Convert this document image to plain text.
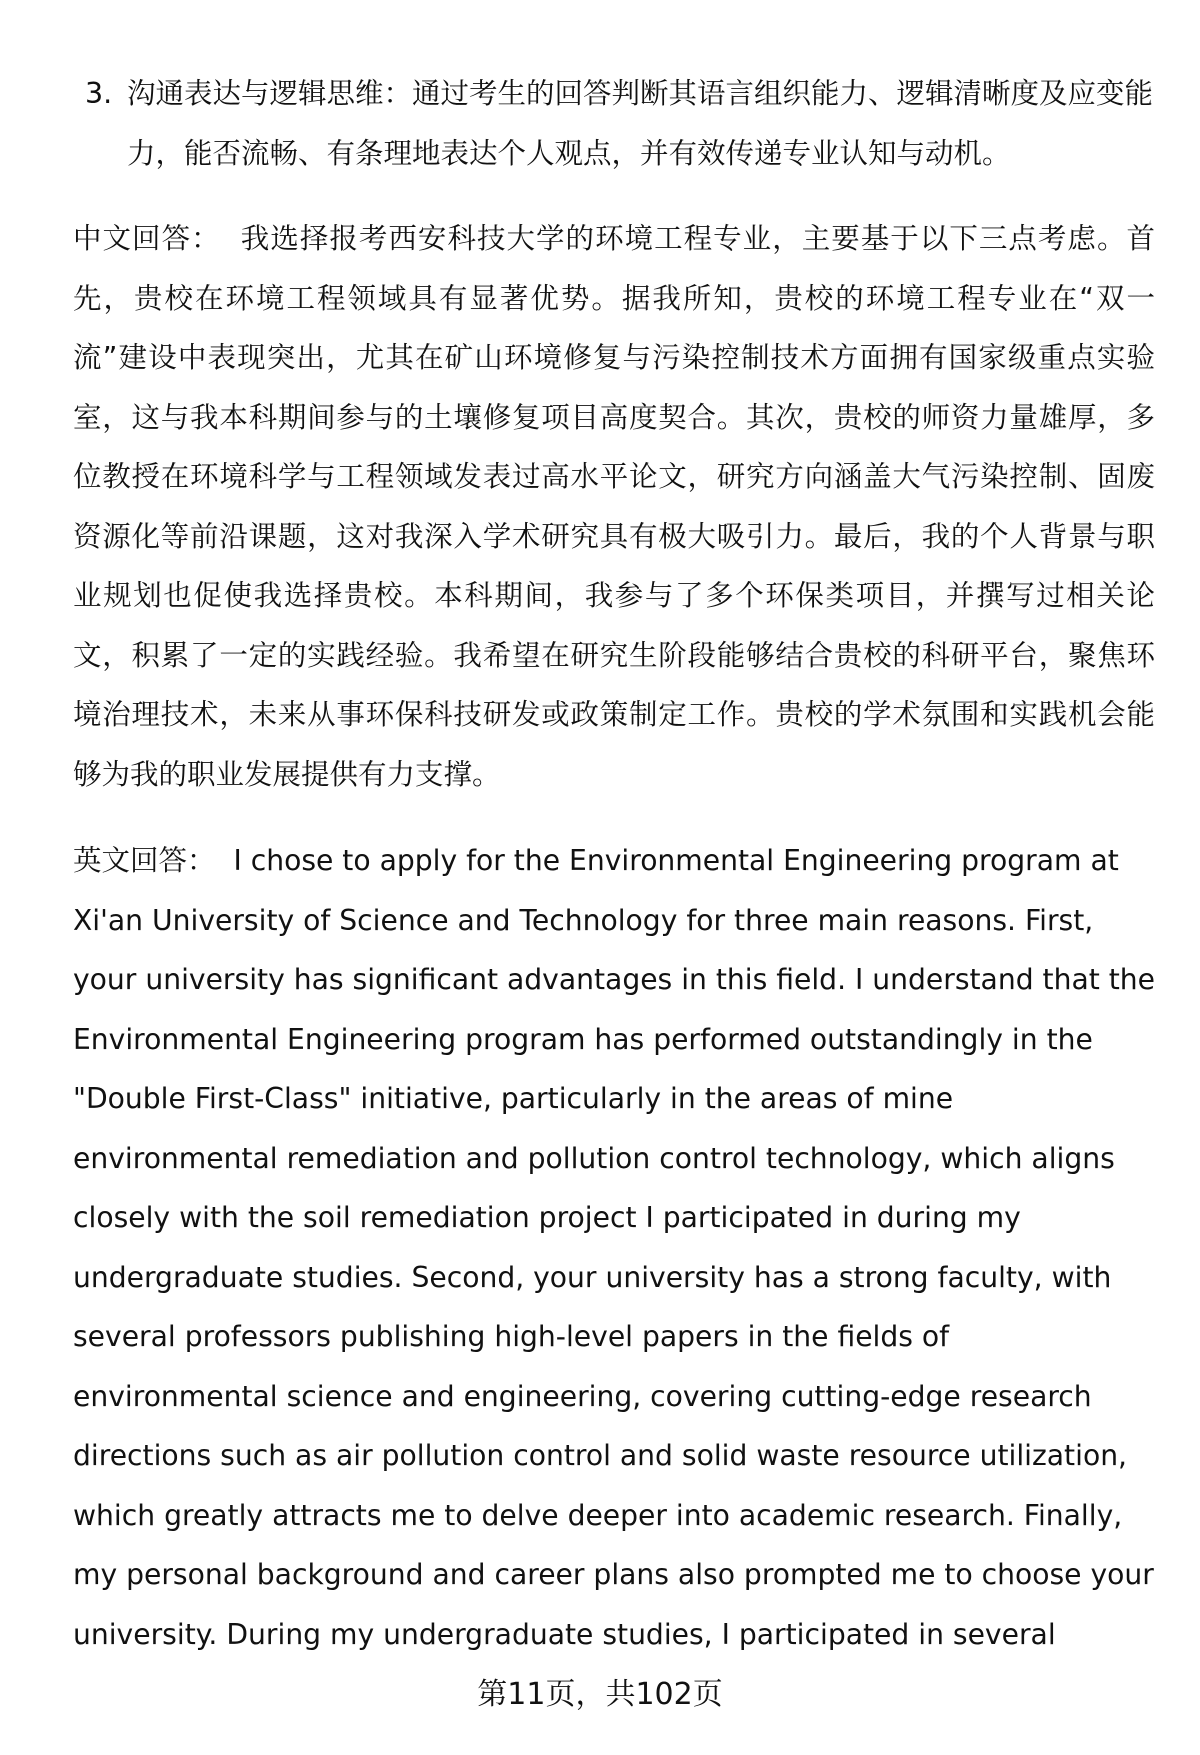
3. 沟通表达与逻辑思维：通过考生的回答判断其语言组织能力、逻辑清晰度及应变能力，能否流畅、有条理地表达个人观点，并有效传递专业认知与动机。
中文回答： 我选择报考西安科技大学的环境工程专业，主要基于以下三点考虑。首先，贵校在环境工程领域具有显著优势。据我所知，贵校的环境工程专业在“双一流”建设中表现突出，尤其在矿山环境修复与污染控制技术方面拥有国家级重点实验室，这与我本科期间参与的土壤修复项目高度契合。其次，贵校的师资力量雄厚，多位教授在环境科学与工程领域发表过高水平论文，研究方向涵盖大气污染控制、固废资源化等前沿课题，这对我深入学术研究具有极大吸引力。最后，我的个人背景与职业规划也促使我选择贵校。本科期间，我参与了多个环保类项目，并撰写过相关论文，积累了一定的实践经验。我希望在研究生阶段能够结合贵校的科研平台，聚焦环境治理技术，未来从事环保科技研发或政策制定工作。贵校的学术氛围和实践机会能够为我的职业发展提供有力支撑。
英文回答： I chose to apply for the Environmental Engineering program at Xi'an University of Science and Technology for three main reasons. First, your university has significant advantages in this field. I understand that the Environmental Engineering program has performed outstandingly in the "Double First-Class" initiative, particularly in the areas of mine environmental remediation and pollution control technology, which aligns closely with the soil remediation project I participated in during my undergraduate studies. Second, your university has a strong faculty, with several professors publishing high-level papers in the fields of environmental science and engineering, covering cutting-edge research directions such as air pollution control and solid waste resource utilization, which greatly attracts me to delve deeper into academic research. Finally, my personal background and career plans also prompted me to choose your university. During my undergraduate studies, I participated in several
第11页，共102页
